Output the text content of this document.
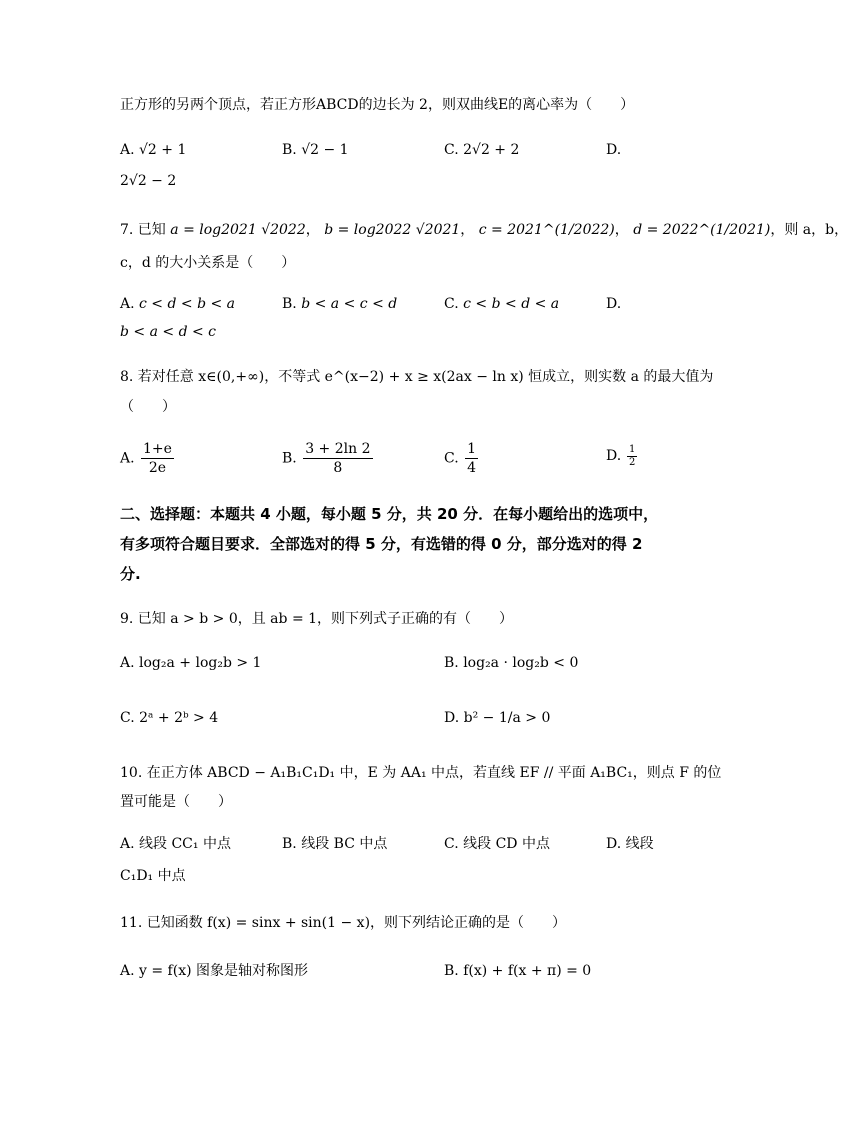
正方形的另两个顶点，若正方形ABCD的边长为 2，则双曲线E的离心率为（　　）
A. √2 + 1	B. √2 − 1	C. 2√2 + 2	D.
2√2 − 2
7. 已知 a = log2021 √2022， b = log2022 √2021， c = 2021^(1/2022)， d = 2022^(1/2021)，则 a，b，
c，d 的大小关系是（　　）
A. c < d < b < a	B. b < a < c < d	C. c < b < d < a	D.
b < a < d < c
8. 若对任意 x∈(0,+∞)，不等式 e^(x−2) + x ≥ x(2ax − ln x) 恒成立，则实数 a 的最大值为
（　　）
A. $\frac{1+e}{2e}$	B. $\frac{3 + 2\ln 2}{8}$	C. $\frac{1}{4}$	D. $\frac{1}{2}$
二、选择题：本题共 4 小题，每小题 5 分，共 20 分．在每小题给出的选项中，
有多项符合题目要求．全部选对的得 5 分，有选错的得 0 分，部分选对的得 2
分.
9. 已知 a > b > 0，且 ab = 1，则下列式子正确的有（　　）
A. log₂a + log₂b > 1	B. log₂a · log₂b < 0
C. 2ᵃ + 2ᵇ > 4	D. b² − 1/a > 0
10. 在正方体 ABCD − A₁B₁C₁D₁ 中，E 为 AA₁ 中点，若直线 EF // 平面 A₁BC₁，则点 F 的位
置可能是（　　）
A. 线段 CC₁ 中点	B. 线段 BC 中点	C. 线段 CD 中点	D. 线段
C₁D₁ 中点
11. 已知函数 f(x) = sinx + sin(1 − x)，则下列结论正确的是（　　）
A. y = f(x) 图象是轴对称图形	B. f(x) + f(x + π) = 0
